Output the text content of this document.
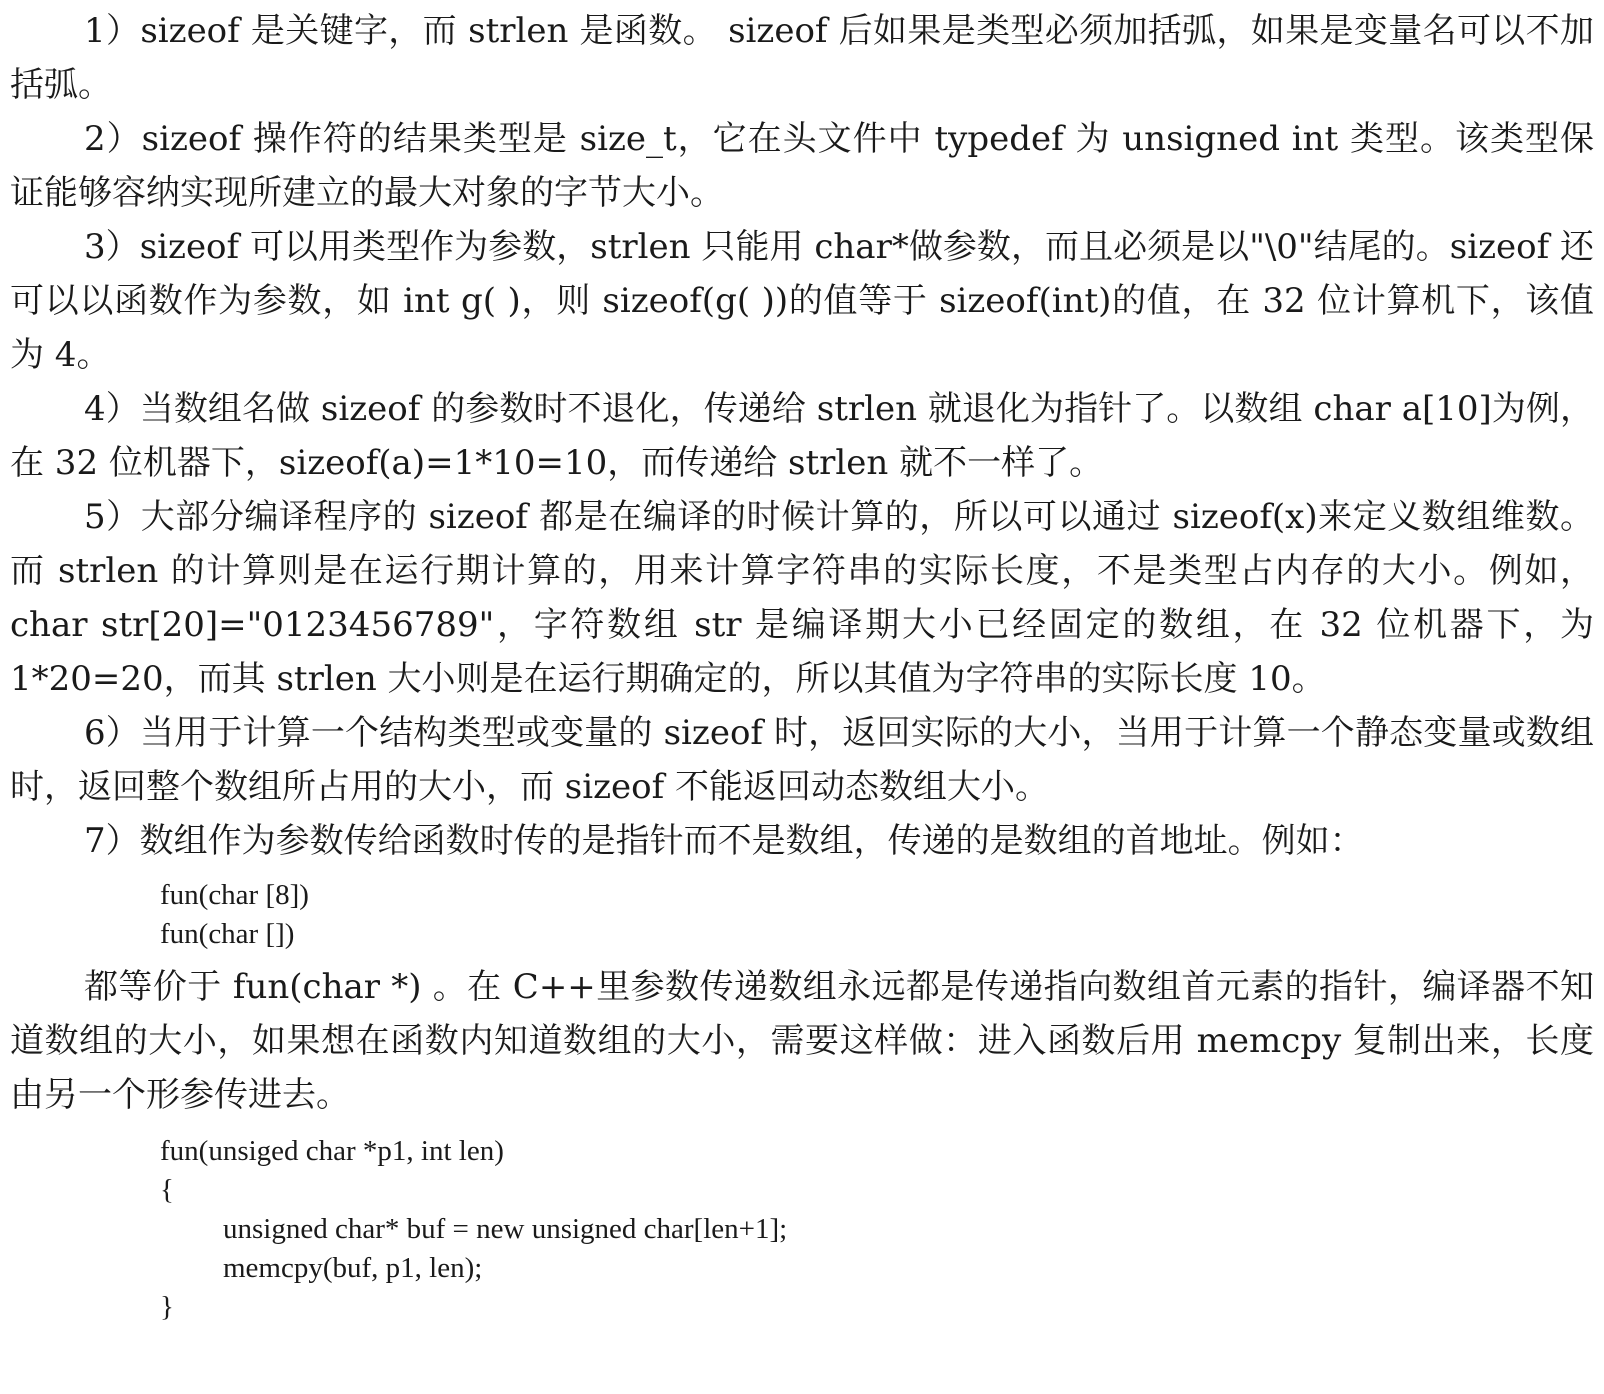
1）sizeof 是关键字，而 strlen 是函数。 sizeof 后如果是类型必须加括弧，如果是变量名可以不加括弧。

2）sizeof 操作符的结果类型是 size_t，它在头文件中 typedef 为 unsigned int 类型。该类型保证能够容纳实现所建立的最大对象的字节大小。

3）sizeof 可以用类型作为参数，strlen 只能用 char*做参数，而且必须是以"\0"结尾的。sizeof 还可以以函数作为参数，如 int g( )，则 sizeof(g( ))的值等于 sizeof(int)的值，在 32 位计算机下，该值为 4。

4）当数组名做 sizeof 的参数时不退化，传递给 strlen 就退化为指针了。以数组 char a[10]为例，在 32 位机器下，sizeof(a)=1*10=10，而传递给 strlen 就不一样了。

5）大部分编译程序的 sizeof 都是在编译的时候计算的，所以可以通过 sizeof(x)来定义数组维数。而 strlen 的计算则是在运行期计算的，用来计算字符串的实际长度，不是类型占内存的大小。例如，char str[20]="0123456789"，字符数组 str 是编译期大小已经固定的数组，在 32 位机器下，为 1*20=20，而其 strlen 大小则是在运行期确定的，所以其值为字符串的实际长度 10。

6）当用于计算一个结构类型或变量的 sizeof 时，返回实际的大小，当用于计算一个静态变量或数组时，返回整个数组所占用的大小，而 sizeof 不能返回动态数组大小。

7）数组作为参数传给函数时传的是指针而不是数组，传递的是数组的首地址。例如：

fun(char [8])
fun(char [])

都等价于 fun(char *) 。在 C++里参数传递数组永远都是传递指向数组首元素的指针，编译器不知道数组的大小，如果想在函数内知道数组的大小，需要这样做：进入函数后用 memcpy 复制出来，长度由另一个形参传进去。

fun(unsiged char *p1, int len)
{
unsigned char* buf = new unsigned char[len+1];
memcpy(buf, p1, len);
}
